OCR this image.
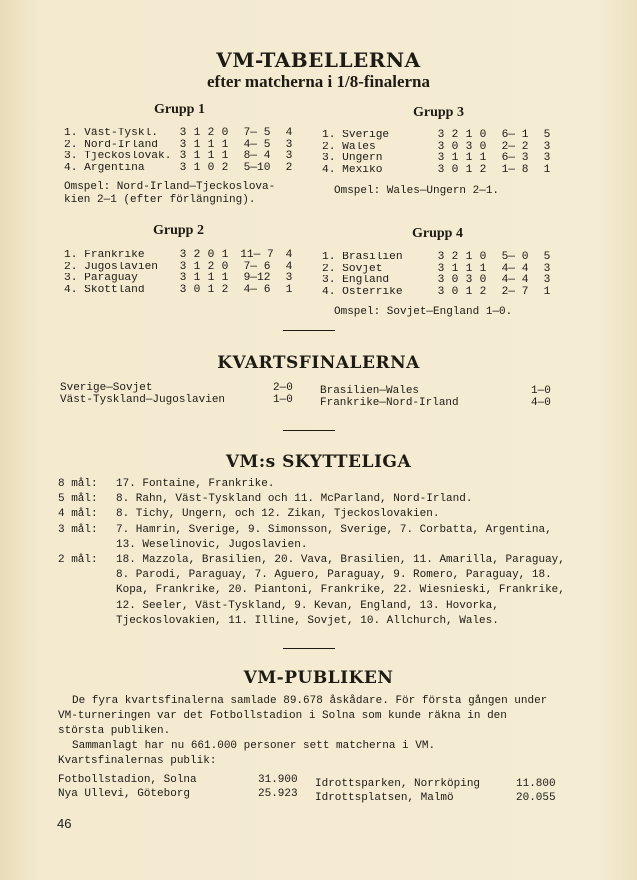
VM-TABELLERNA
efter matcherna i 1/8-finalerna
Grupp 1
1. Väst-Tyskl.	3 1 2 0	7— 5	4
2. Nord-Irland	3 1 1 1	4— 5	3
3. Tjeckoslovak. 3 1 1 1	8— 4	3
4. Argentina	3 1 0 2	5—10	2
Omspel: Nord-Irland—Tjeckoslova-
kien 2—1 (efter förlängning).
Grupp 3
1. Sverige	3 2 1 0	6— 1	5
2. Wales	3 0 3 0	2— 2	3
3. Ungern	3 1 1 1	6— 3	3
4. Mexiko	3 0 1 2	1— 8	1
Omspel: Wales—Ungern 2—1.
Grupp 2
1. Frankrike	3 2 0 1	11— 7	4
2. Jugoslavien	3 1 2 0	7— 6	4
3. Paraguay	3 1 1 1	9—12	3
4. Skottland	3 0 1 2	4— 6	1
Grupp 4
1. Brasilien	3 2 1 0	5— 0	5
2. Sovjet	3 1 1 1	4— 4	3
3. England	3 0 3 0	4— 4	3
4. Österrike	3 0 1 2	2— 7	1
Omspel: Sovjet—England 1—0.
KVARTSFINALERNA
Sverige—Sovjet	2—0
Väst-Tyskland—Jugoslavien	1—0
Brasilien—Wales	1—0
Frankrike—Nord-Irland	4—0
VM:s SKYTTELIGA
8 mål:	17. Fontaine, Frankrike.
5 mål:	8. Rahn, Väst-Tyskland och 11. McParland, Nord-Irland.
4 mål:	8. Tichy, Ungern, och 12. Zikan, Tjeckoslovakien.
3 mål:	7. Hamrin, Sverige, 9. Simonsson, Sverige, 7. Corbatta, Argentina, 13. Weselinovic, Jugoslavien.
2 mål:	18. Mazzola, Brasilien, 20. Vava, Brasilien, 11. Amarilla, Paraguay, 8. Parodi, Paraguay, 7. Aguero, Paraguay, 9. Romero, Paraguay, 18. Kopa, Frankrike, 20. Piantoni, Frankrike, 22. Wiesnieski, Frankrike, 12. Seeler, Väst-Tyskland, 9. Kevan, England, 13. Hovorka, Tjeckoslovakien, 11. Illine, Sovjet, 10. Allchurch, Wales.
VM-PUBLIKEN
De fyra kvartsfinalerna samlade 89.678 åskådare. För första gången under VM-turneringen var det Fotbollstadion i Solna som kunde räkna in den största publiken.
Sammanlagt har nu 661.000 personer sett matcherna i VM.
Kvartsfinalernas publik:
Fotbollstadion, Solna	31.900
Nya Ullevi, Göteborg	25.923
Idrottsparken, Norrköping	11.800
Idrottsplatsen, Malmö	20.055
46
